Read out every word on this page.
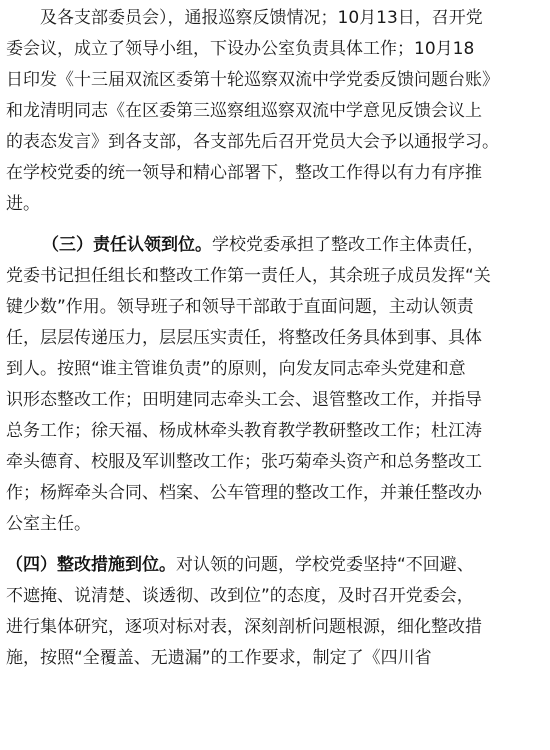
　　及各支部委员会），通报巡察反馈情况；10月13日，召开党
委会议，成立了领导小组，下设办公室负责具体工作；10月18
日印发《十三届双流区委第十轮巡察双流中学党委反馈问题台账》
和龙清明同志《在区委第三巡察组巡察双流中学意见反馈会议上
的表态发言》到各支部，各支部先后召开党员大会予以通报学习。
在学校党委的统一领导和精心部署下，整改工作得以有力有序推
进。
（三）责任认领到位。学校党委承担了整改工作主体责任，
党委书记担任组长和整改工作第一责任人，其余班子成员发挥“关
键少数”作用。领导班子和领导干部敢于直面问题，主动认领责
任，层层传递压力，层层压实责任，将整改任务具体到事、具体
到人。按照“谁主管谁负责”的原则，向发友同志牵头党建和意
识形态整改工作；田明建同志牵头工会、退管整改工作，并指导
总务工作；徐天福、杨成林牵头教育教学教研整改工作；杜江涛
牵头德育、校服及军训整改工作；张巧菊牵头资产和总务整改工
作；杨辉牵头合同、档案、公车管理的整改工作，并兼任整改办
公室主任。
（四）整改措施到位。对认领的问题，学校党委坚持“不回避、
不遮掩、说清楚、谈透彻、改到位”的态度，及时召开党委会，
进行集体研究，逐项对标对表，深刻剖析问题根源，细化整改措
施，按照“全覆盖、无遗漏”的工作要求，制定了《四川省
